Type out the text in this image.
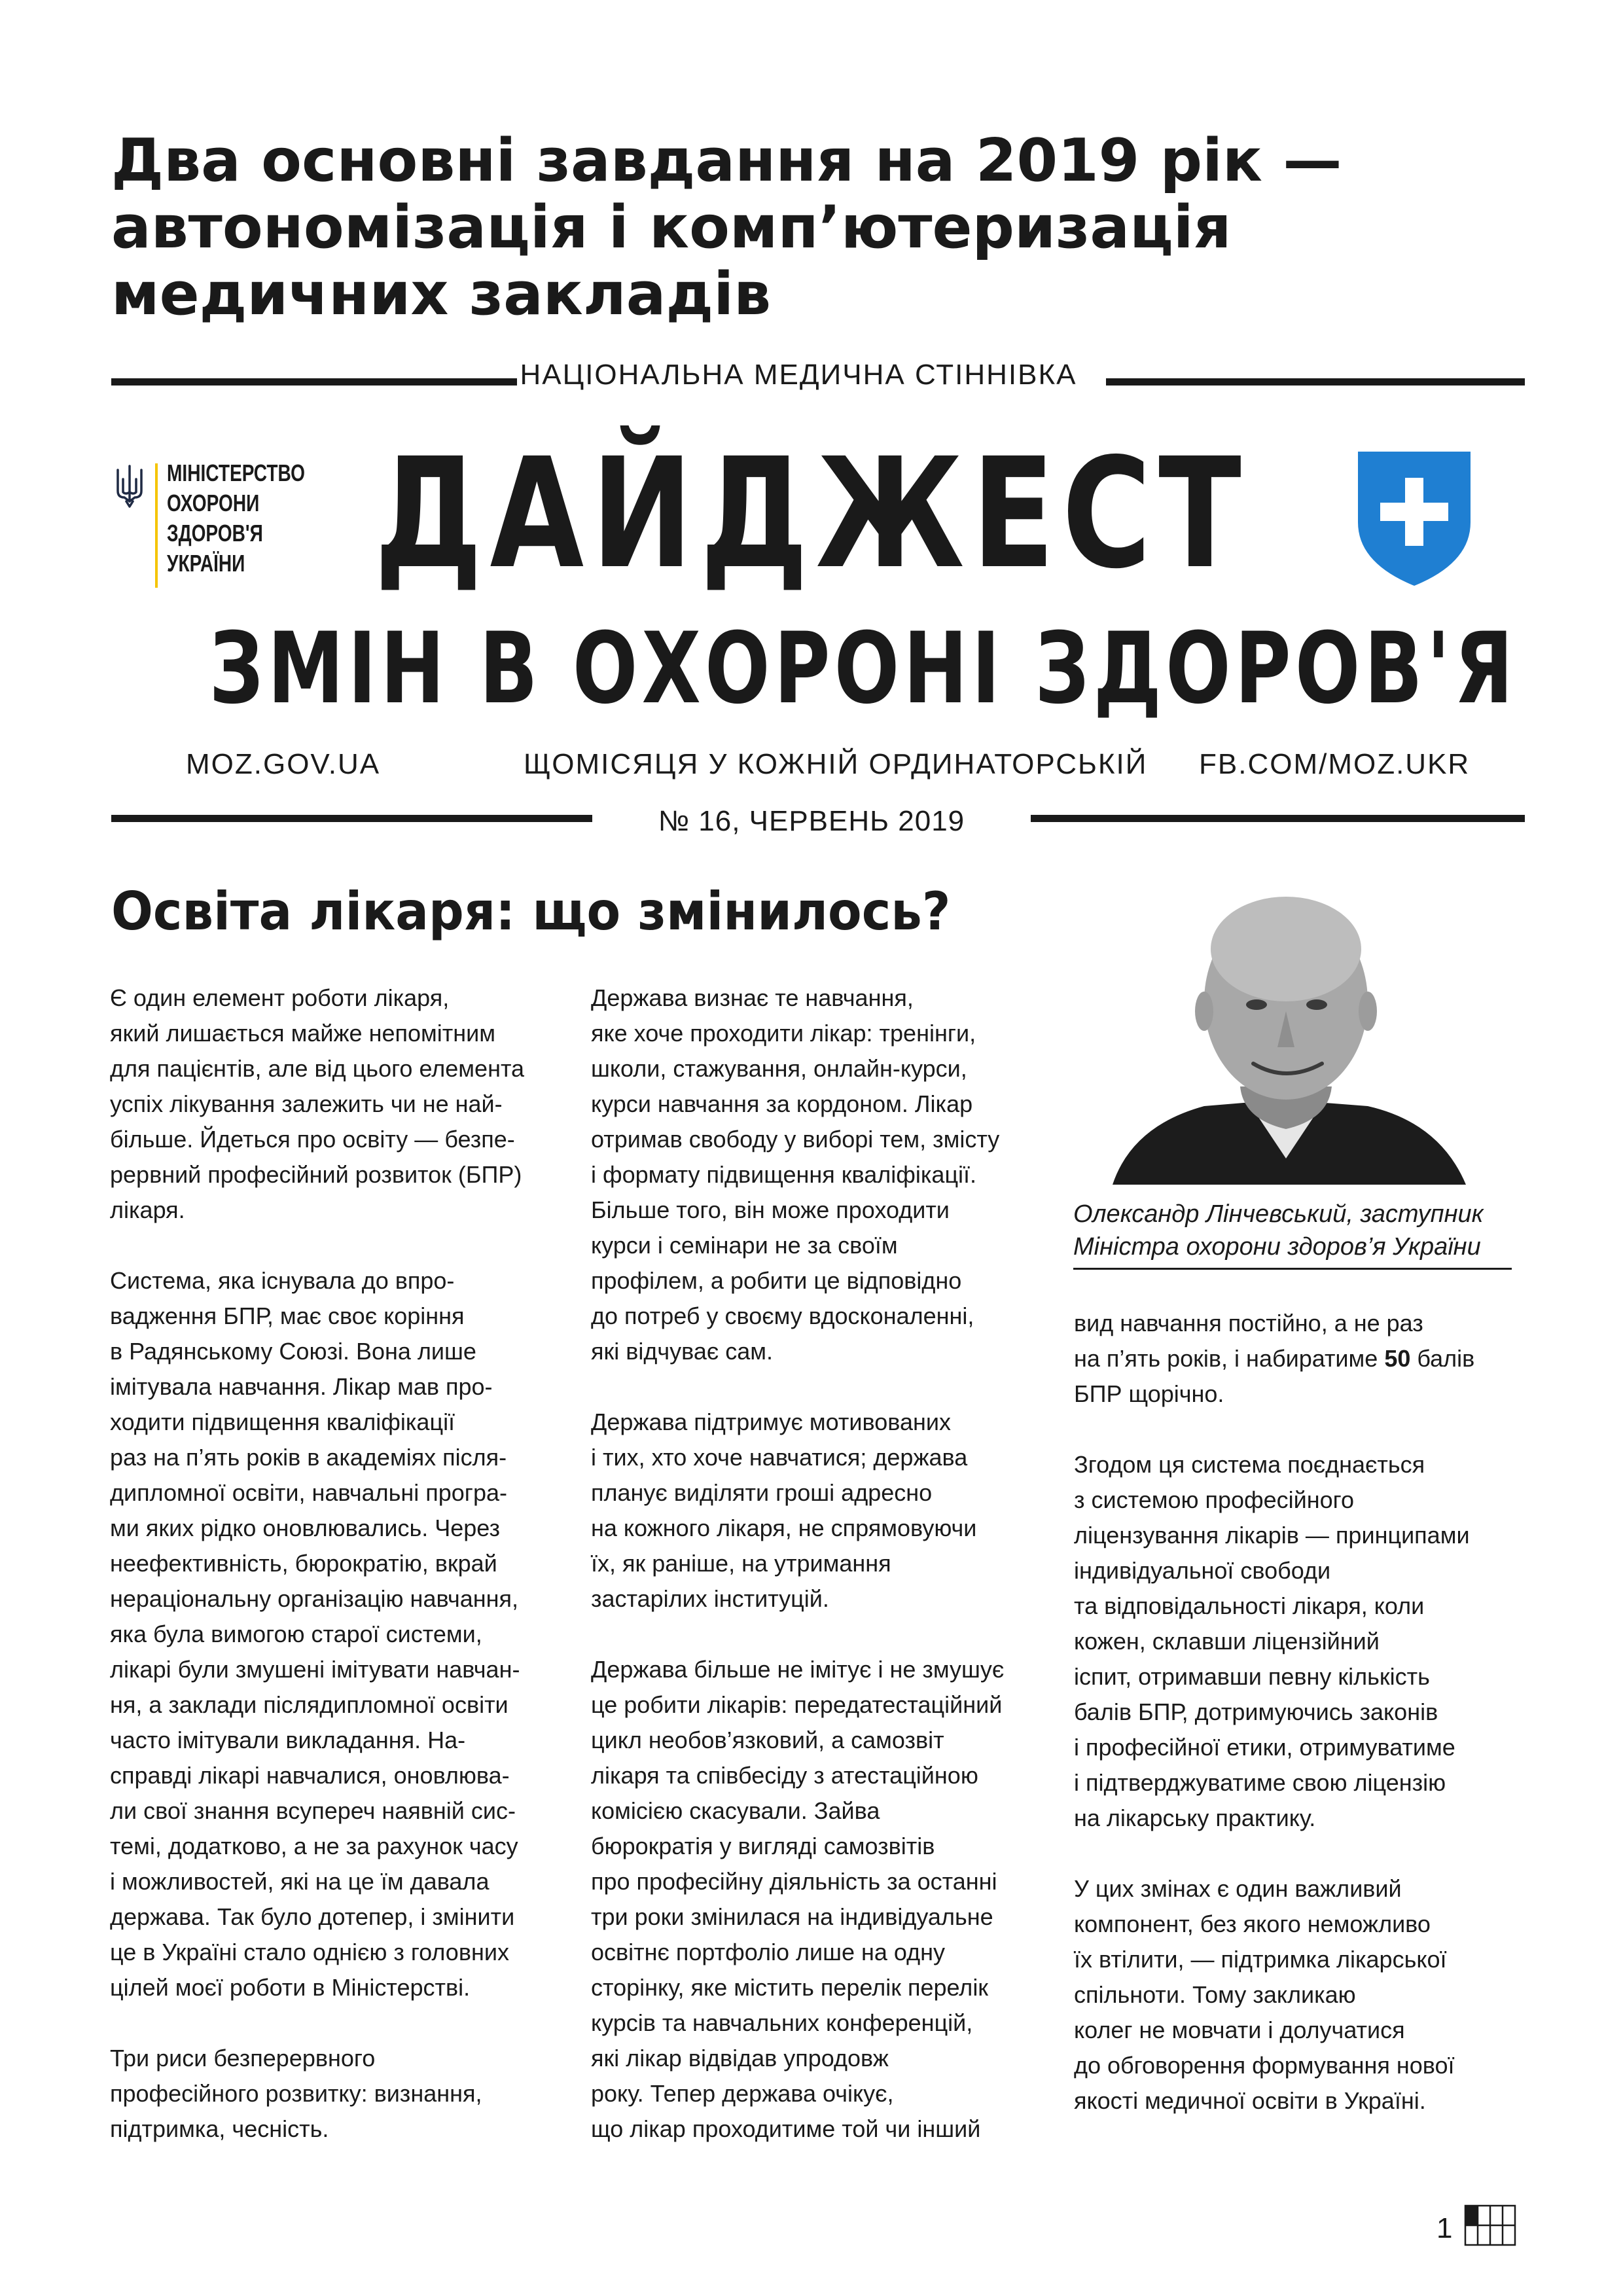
Два основні завдання на 2019 рік —
автономізація і комп’ютеризація
медичних закладів
НАЦІОНАЛЬНА МЕДИЧНА СТІННІВКА
МІНІСТЕРСТВО
ОХОРОНИ
ЗДОРОВ'Я
УКРАЇНИ ДАЙДЖЕСТ
ЗМІН В ОХОРОНІ ЗДОРОВ'Я
MOZ.GOV.UA	ЩОМІСЯЦЯ У КОЖНІЙ ОРДИНАТОРСЬКІЙ FB.COM/MOZ.UKR
№ 16, ЧЕРВЕНЬ 2019
Освіта лікаря: що змінилось?

Є один елемент роботи лікаря,
який лишається майже непомітним
для пацієнтів, але від цього елемента
успіх лікування залежить чи не най-
більше. Йдеться про освіту — безпе-
рервний професійний розвиток (БПР)
лікаря.

Система, яка існувала до впро-
вадження БПР, має своє коріння
в Радянському Союзі. Вона лише
імітувала навчання. Лікар мав про-
ходити підвищення кваліфікації
раз на п’ять років в академіях після-
дипломної освіти, навчальні програ-
ми яких рідко оновлювались. Через
неефективність, бюрократію, вкрай
нераціональну організацію навчання,
яка була вимогою старої системи,
лікарі були змушені імітувати навчан-
ня, а заклади післядипломної освіти
часто імітували викладання. На-
справді лікарі навчалися, оновлюва-
ли свої знання всупереч наявній сис-
темі, додатково, а не за рахунок часу
і можливостей, які на це їм давала
держава. Так було дотепер, і змінити
це в Україні стало однією з головних
цілей моєї роботи в Міністерстві.

Три риси безперервного
професійного розвитку: визнання,
підтримка, чесність.

Держава визнає те навчання,
яке хоче проходити лікар: тренінги,
школи, стажування, онлайн-курси,
курси навчання за кордоном. Лікар
отримав свободу у виборі тем, змісту
і формату підвищення кваліфікації.
Більше того, він може проходити
курси і семінари не за своїм
профілем, а робити це відповідно
до потреб у своєму вдосконаленні,
які відчуває сам.

Держава підтримує мотивованих
і тих, хто хоче навчатися; держава
планує виділяти гроші адресно
на кожного лікаря, не спрямовуючи
їх, як раніше, на утримання
застарілих інституцій.

Держава більше не імітує і не змушує
це робити лікарів: передатестаційний
цикл необов’язковий, а самозвіт
лікаря та співбесіду з атестаційною
комісією скасували. Зайва
бюрократія у вигляді самозвітів
про професійну діяльність за останні
три роки змінилася на індивідуальне
освітнє портфоліо лише на одну
сторінку, яке містить перелік перелік
курсів та навчальних конференцій,
які лікар відвідав упродовж
року. Тепер держава очікує,
що лікар проходитиме той чи інший

Олександр Лінчевський, заступник
Міністра охорони здоров’я України

вид навчання постійно, а не раз
на п’ять років, і набиратиме 50 балів
БПР щорічно.

Згодом ця система поєднається
з системою професійного
ліцензування лікарів — принципами
індивідуальної свободи
та відповідальності лікаря, коли
кожен, склавши ліцензійний
іспит, отримавши певну кількість
балів БПР, дотримуючись законів
і професійної етики, отримуватиме
і підтверджуватиме свою ліцензію
на лікарську практику.

У цих змінах є один важливий
компонент, без якого неможливо
їх втілити, — підтримка лікарської
спільноти. Тому закликаю
колег не мовчати і долучатися
до обговорення формування нової
якості медичної освіти в Україні.

1
